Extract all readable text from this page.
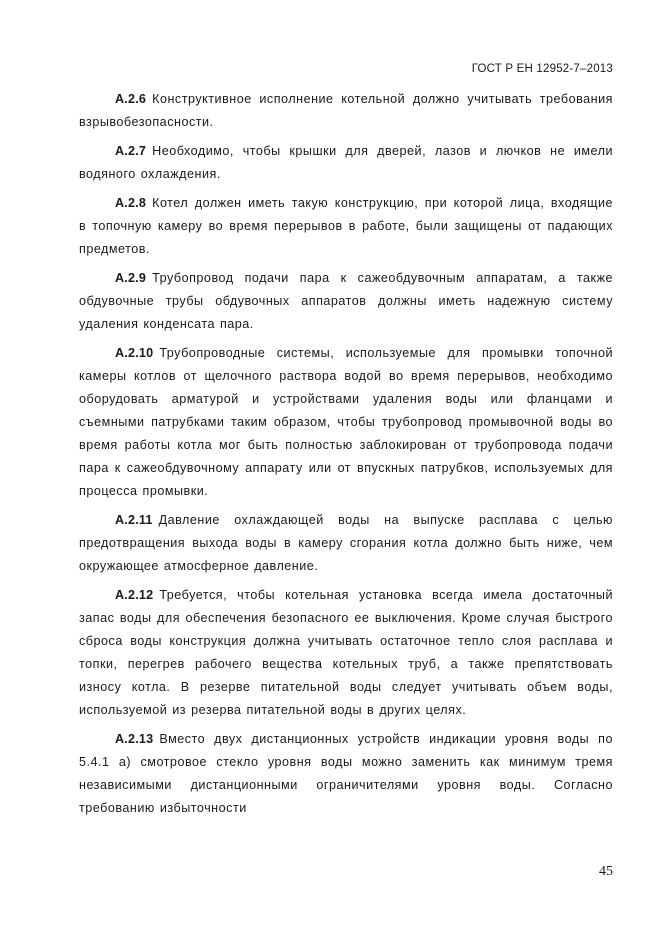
ГОСТ Р ЕН 12952-7–2013

A.2.6 Конструктивное исполнение котельной должно учитывать требования взрывобезопасности.

A.2.7 Необходимо, чтобы крышки для дверей, лазов и лючков не имели водяного охлаждения.

A.2.8 Котел должен иметь такую конструкцию, при которой лица, входящие в топочную камеру во время перерывов в работе, были защищены от падающих предметов.

A.2.9 Трубопровод подачи пара к сажеобдувочным аппаратам, а также обдувочные трубы обдувочных аппаратов должны иметь надежную систему удаления конденсата пара.

A.2.10 Трубопроводные системы, используемые для промывки топочной камеры котлов от щелочного раствора водой во время перерывов, необходимо оборудовать арматурой и устройствами удаления воды или фланцами и съемными патрубками таким образом, чтобы трубопровод промывочной воды во время работы котла мог быть полностью заблокирован от трубопровода подачи пара к сажеобдувочному аппарату или от впускных патрубков, используемых для процесса промывки.

A.2.11 Давление охлаждающей воды на выпуске расплава с целью предотвращения выхода воды в камеру сгорания котла должно быть ниже, чем окружающее атмосферное давление.

A.2.12 Требуется, чтобы котельная установка всегда имела достаточный запас воды для обеспечения безопасного ее выключения. Кроме случая быстрого сброса воды конструкция должна учитывать остаточное тепло слоя расплава и топки, перегрев рабочего вещества котельных труб, а также препятствовать износу котла. В резерве питательной воды следует учитывать объем воды, используемой из резерва питательной воды в других целях.

A.2.13 Вместо двух дистанционных устройств индикации уровня воды по 5.4.1 а) смотровое стекло уровня воды можно заменить как минимум тремя независимыми дистанционными ограничителями уровня воды. Согласно требованию избыточности

45
